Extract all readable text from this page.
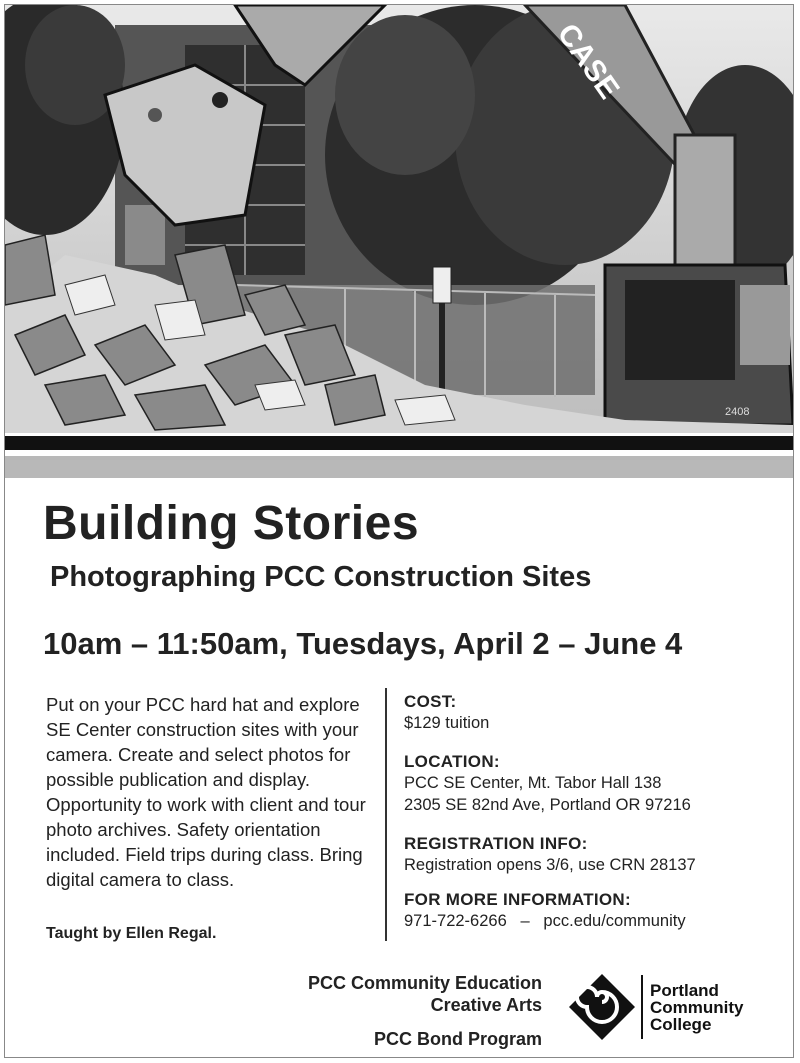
CASE
2408
Building Stories
Photographing PCC Construction Sites
10am – 11:50am, Tuesdays, April 2 – June 4

Put on your PCC hard hat and explore SE Center construction sites with your camera. Create and select photos for possible publication and display. Opportunity to work with client and tour photo archives. Safety orientation included. Field trips during class. Bring digital camera to class.

Taught by Ellen Regal.
COST:
$129 tuition
LOCATION:
PCC SE Center, Mt. Tabor Hall 138
2305 SE 82nd Ave, Portland OR 97216
REGISTRATION INFO:
Registration opens 3/6, use CRN 28137
FOR MORE INFORMATION:
971-722-6266   –   pcc.edu/community
PCC Community Education
Creative Arts
PCC Bond Program
Portland
Community
College
